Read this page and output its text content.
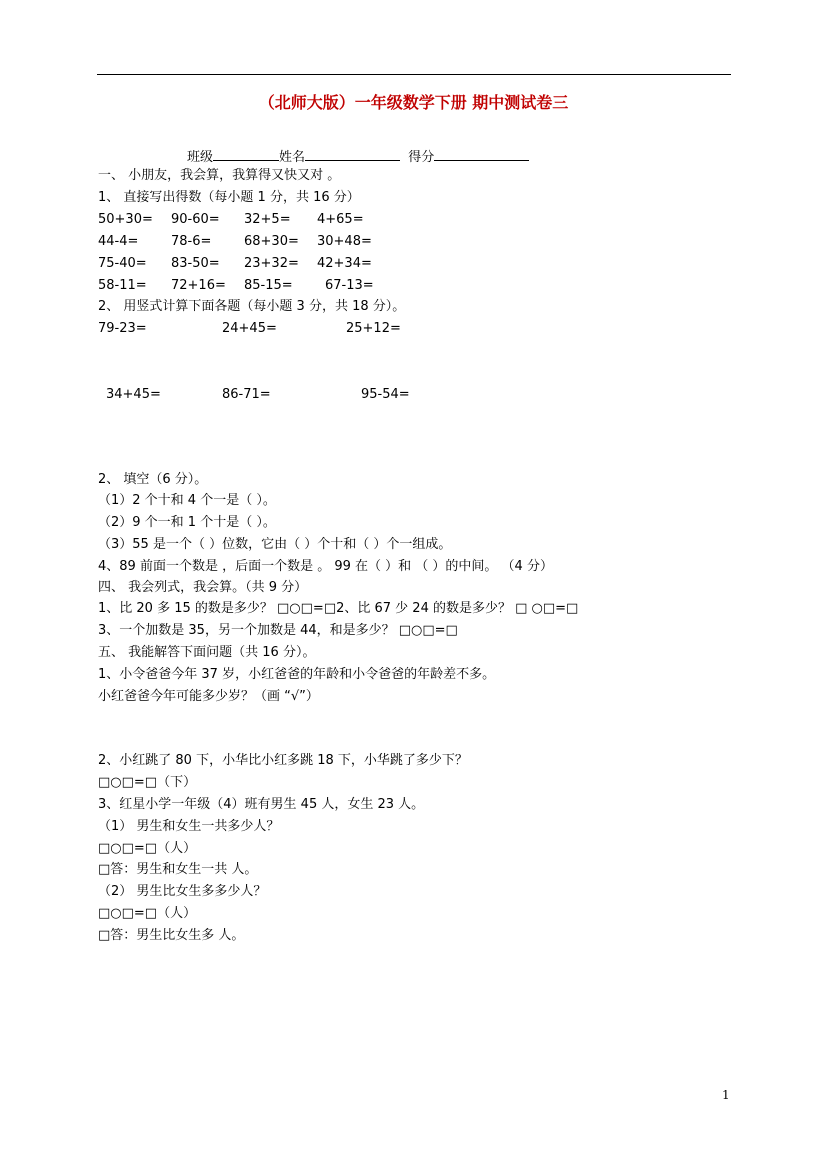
（北师大版）一年级数学下册 期中测试卷三
班级	姓名	得分
一、 小朋友，我会算，我算得又快又对 。
1、 直接写出得数（每小题 1 分，共 16 分）
50+30= 90-60= 32+5= 4+65=
44-4=	78-6=	68+30= 30+48=
75-40= 83-50= 23+32= 42+34=
58-11= 72+16= 85-15= 67-13=
2、 用竖式计算下面各题（每小题 3 分，共 18 分）。
79-23=	24+45=	25+12=
34+45=	86-71=	95-54=
2、 填空（6 分）。
（1）2 个十和 4 个一是（ ）。
（2）9 个一和 1 个十是（ ）。
（3）55 是一个（ ）位数，它由（ ）个十和（ ）个一组成。
4、89 前面一个数是 ，后面一个数是 。 99 在（ ）和 （ ）的中间。 （4 分）
四、 我会列式，我会算。（共 9 分）
1、比 20 多 15 的数是多少？ □○□=□2、比 67 少 24 的数是多少？ □ ○□=□
3、一个加数是 35，另一个加数是 44，和是多少？ □○□=□
五、 我能解答下面问题（共 16 分）。
1、小令爸爸今年 37 岁，小红爸爸的年龄和小令爸爸的年龄差不多。
小红爸爸今年可能多少岁？（画 “√”）
2、小红跳了 80 下，小华比小红多跳 18 下，小华跳了多少下？
□○□=□（下）
3、红星小学一年级（4）班有男生 45 人，女生 23 人。
（1） 男生和女生一共多少人？
□○□=□（人）
□答：男生和女生一共 人。
（2） 男生比女生多多少人？
□○□=□（人）
□答：男生比女生多 人。
1
